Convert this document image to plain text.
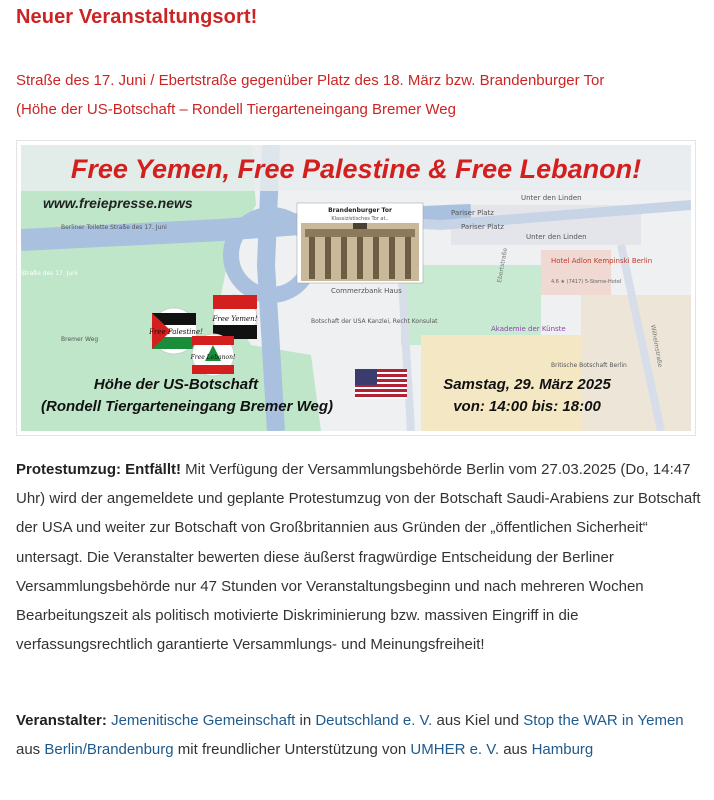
Neuer Veranstaltungsort!
Straße des 17. Juni / Ebertstraße gegenüber Platz des 18. März bzw. Brandenburger Tor
(Höhe der US-Botschaft – Rondell Tiergarteneingang Bremer Weg
Free Yemen, Free Palestine & Free Lebanon!
www.freiepresse.news
Berliner Toilette Straße des 17. Juni
Pariser Platz
Pariser Platz
Unter den Linden
Unter den Linden
Hotel Adlon Kempinski Berlin
4.6 ★ (7417) 5-Sterne-Hotel
Commerzbank Haus
Botschaft der USA Kanzlei, Recht Konsulat
Akademie der Künste
Britische Botschaft Berlin
Ebertstraße
Wilhelmstraße
Bremer Weg
Straße des 17. Juni
Brandenburger Tor
Klassizistisches Tor at..
Free Palestine!
Free Yemen!
Free Lebanon!
Höhe der US-Botschaft
(Rondell Tiergarteneingang Bremer Weg)
Samstag, 29. März 2025
von: 14:00 bis: 18:00
Protestumzug: Entfällt! Mit Verfügung der Versammlungsbehörde Berlin vom 27.03.2025 (Do, 14:47 Uhr) wird der angemeldete und geplante Protestumzug von der Botschaft Saudi-Arabiens zur Botschaft der USA und weiter zur Botschaft von Großbritannien aus Gründen der „öffentlichen Sicherheit“ untersagt. Die Veranstalter bewerten diese äußerst fragwürdige Entscheidung der Berliner Versammlungsbehörde nur 47 Stunden vor Veranstaltungsbeginn und nach mehreren Wochen Bearbeitungszeit als politisch motivierte Diskriminierung bzw. massiven Eingriff in die verfassungsrechtlich garantierte Versammlungs- und Meinungsfreiheit!
Veranstalter: Jemenitische Gemeinschaft in Deutschland e. V. aus Kiel und Stop the WAR in Yemen aus Berlin/Brandenburg mit freundlicher Unterstützung von UMHER e. V. aus Hamburg
